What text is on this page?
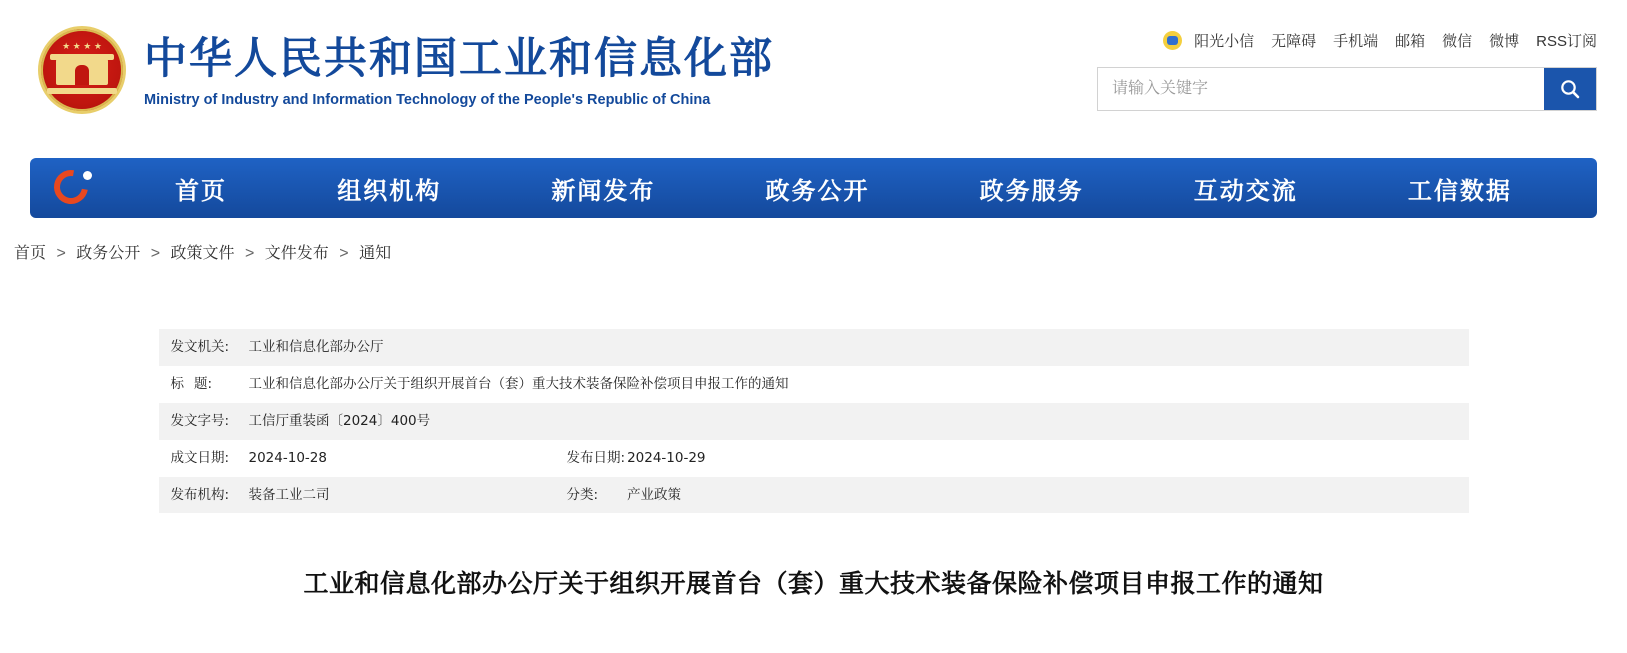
★ ★ ★ ★ 中华人民共和国工业和信息化部
Ministry of Industry and Information Technology of the People's Republic of China
阳光小信 无障碍 手机端 邮箱 微信 微博 RSS订阅
请输入关键字
首页	组织机构	新闻发布	政务公开	政务服务	互动交流	工信数据
首页 > 政务公开 > 政策文件 > 文件发布 > 通知
发文机关:	工业和信息化部办公厅		
标题:	工业和信息化部办公厅关于组织开展首台（套）重大技术装备保险补偿项目申报工作的通知		
发文字号:	工信厅重装函〔2024〕400号		
成文日期:	2024-10-28	发布日期:	2024-10-29
发布机构:	装备工业二司	分类:	产业政策
工业和信息化部办公厅关于组织开展首台（套）重大技术装备保险补偿项目申报工作的通知
